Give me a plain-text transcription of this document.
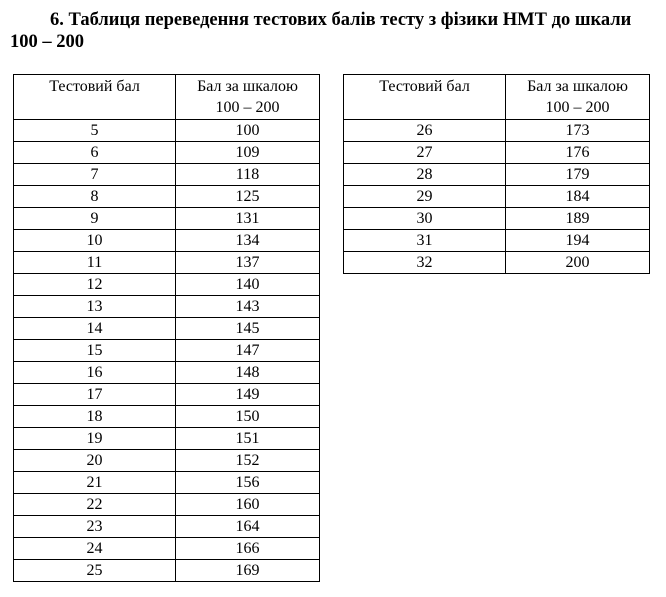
6. Таблиця переведення тестових балів тесту з фізики НМТ до шкали
100 – 200
Тестовий бал	Бал за шкалою
100 – 200
5	100
6	109
7	118
8	125
9	131
10	134
11	137
12	140
13	143
14	145
15	147
16	148
17	149
18	150
19	151
20	152
21	156
22	160
23	164
24	166
25	169
Тестовий бал	Бал за шкалою
100 – 200
26	173
27	176
28	179
29	184
30	189
31	194
32	200
